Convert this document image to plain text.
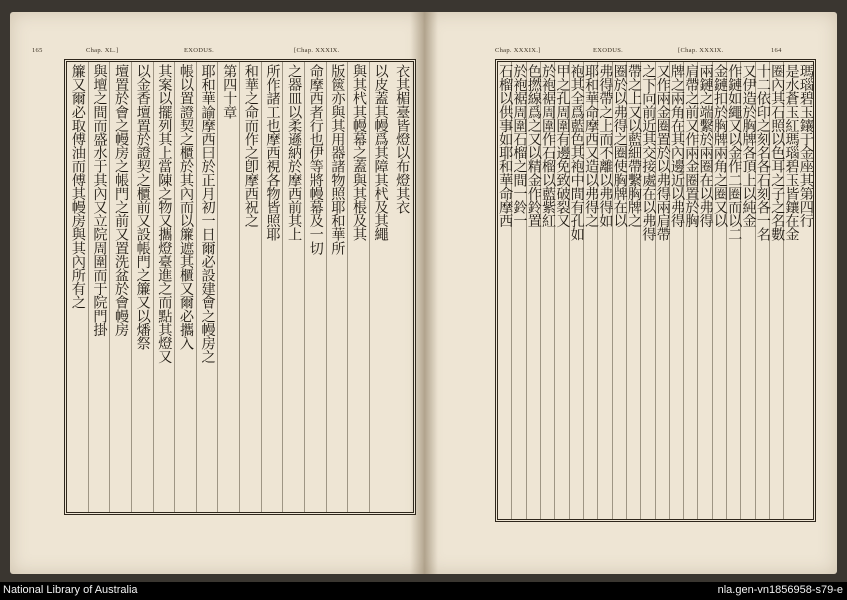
165	Chap. XL.]	EXODUS.	[Chap. XXXIX.	Chap. XXXIX.]	EXODUS.	[Chap. XXXIX.	164
衣其楣臺皆燈以布燈其衣
以皮蓋其幔爲其障其杙及其繩
與其杙其幔幕之蓋與其棖及其
版篋亦與其用器諸物照耶和華所
命摩西者行也伊等將幔幕及一切
之器皿以柔遜納於摩西前其上
所作諸工也摩西視各物皆照耶
和華之命而作之卽摩西祝之
第四十章
耶和華諭摩西曰於正月初一日爾必設建會之幔房之
帳以置證契之櫃於其內而以簾遮其櫃又爾必攜入
其案以擺列其上當陳之物又攜燈臺進之而點其燈又
以金香壇置於證契之櫃前又設帳門之簾又以燔祭
壇置於會之幔房之帳門之前又置洗盆於會幔房
與壇之間而盛水于其內又立院周圍而于院門掛
簾又爾必取傅油而傅其幔房與其內所有之	瑪瑙碧玉鑲于金座其第四行
是水蒼玉紅瑪瑙碧玉皆鑲在金
圈內其石照以色耳之子之名數
十二依印之刻名各石刻各一名
又伊造於胸牌各頂上以純金
作鏈如繩又以金作二圈而以二
金鏈扣於胸牌兩角之圈又以
兩鏈之端繫於兩圈在以弗得
肩帶之前又作兩金圈置於胸
牌之兩角在其內邊近以弗得
又作兩金圈置於以弗得兩肩帶
之下向前近其交接處在以弗得
帶之上又以藍細帶繫胸牌之
圈於以弗得之圈使胸牌在以
弗得帶之上而不離以弗得如
耶和華命摩西又造以弗得之
袍其全爲藍色其袍中間有孔如
甲之孔周圍有邊免致破裂又
於袍裾周圍作石榴以藍紫紅
色撚線爲之又以精金作鈴置
於袍裾周圍石榴之間一鈴一
石榴以供事如耶和華命摩西
National Library of Australia	nla.gen-vn1856958-s79-e
